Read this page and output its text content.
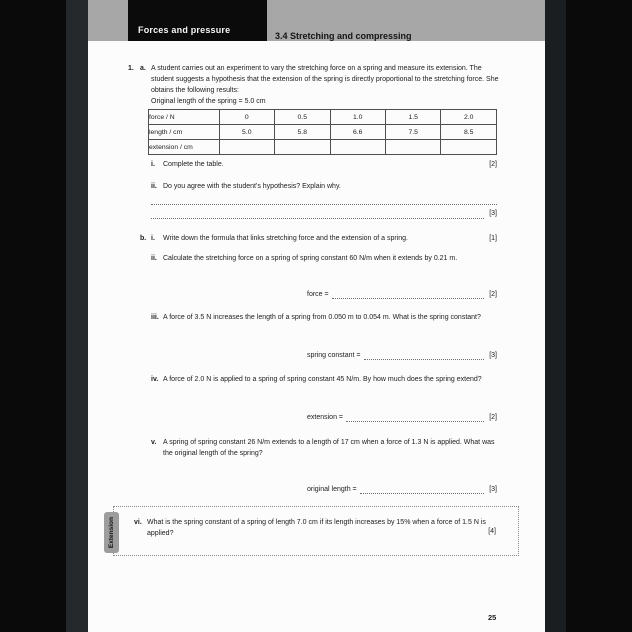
Forces and pressure
3.4 Stretching and compressing
1. a. A student carries out an experiment to vary the stretching force on a spring and measure its extension. The student suggests a hypothesis that the extension of the spring is directly proportional to the stretching force. She obtains the following results:
Original length of the spring = 5.0 cm
force / N	0	0.5	1.0	1.5	2.0
length / cm	5.0	5.8	6.6	7.5	8.5
extension / cm					
i.	Complete the table.	[2]
ii. Do you agree with the student's hypothesis? Explain why.
[3]
b. i.	Write down the formula that links stretching force and the extension of a spring.	[1]
ii. Calculate the stretching force on a spring of spring constant 60 N/m when it extends by 0.21 m.
force =	[2]
iii. A force of 3.5 N increases the length of a spring from 0.050 m to 0.054 m. What is the spring constant?
spring constant =	[3]
iv. A force of 2.0 N is applied to a spring of spring constant 45 N/m. By how much does the spring extend?
extension =	[2]
v. A spring of spring constant 26 N/m extends to a length of 17 cm when a force of 1.3 N is applied. What was the original length of the spring?
original length =	[3]
Extension	vi. What is the spring constant of a spring of length 7.0 cm if its length increases by 15% when a force of 1.5 N is applied?	[4]
25
